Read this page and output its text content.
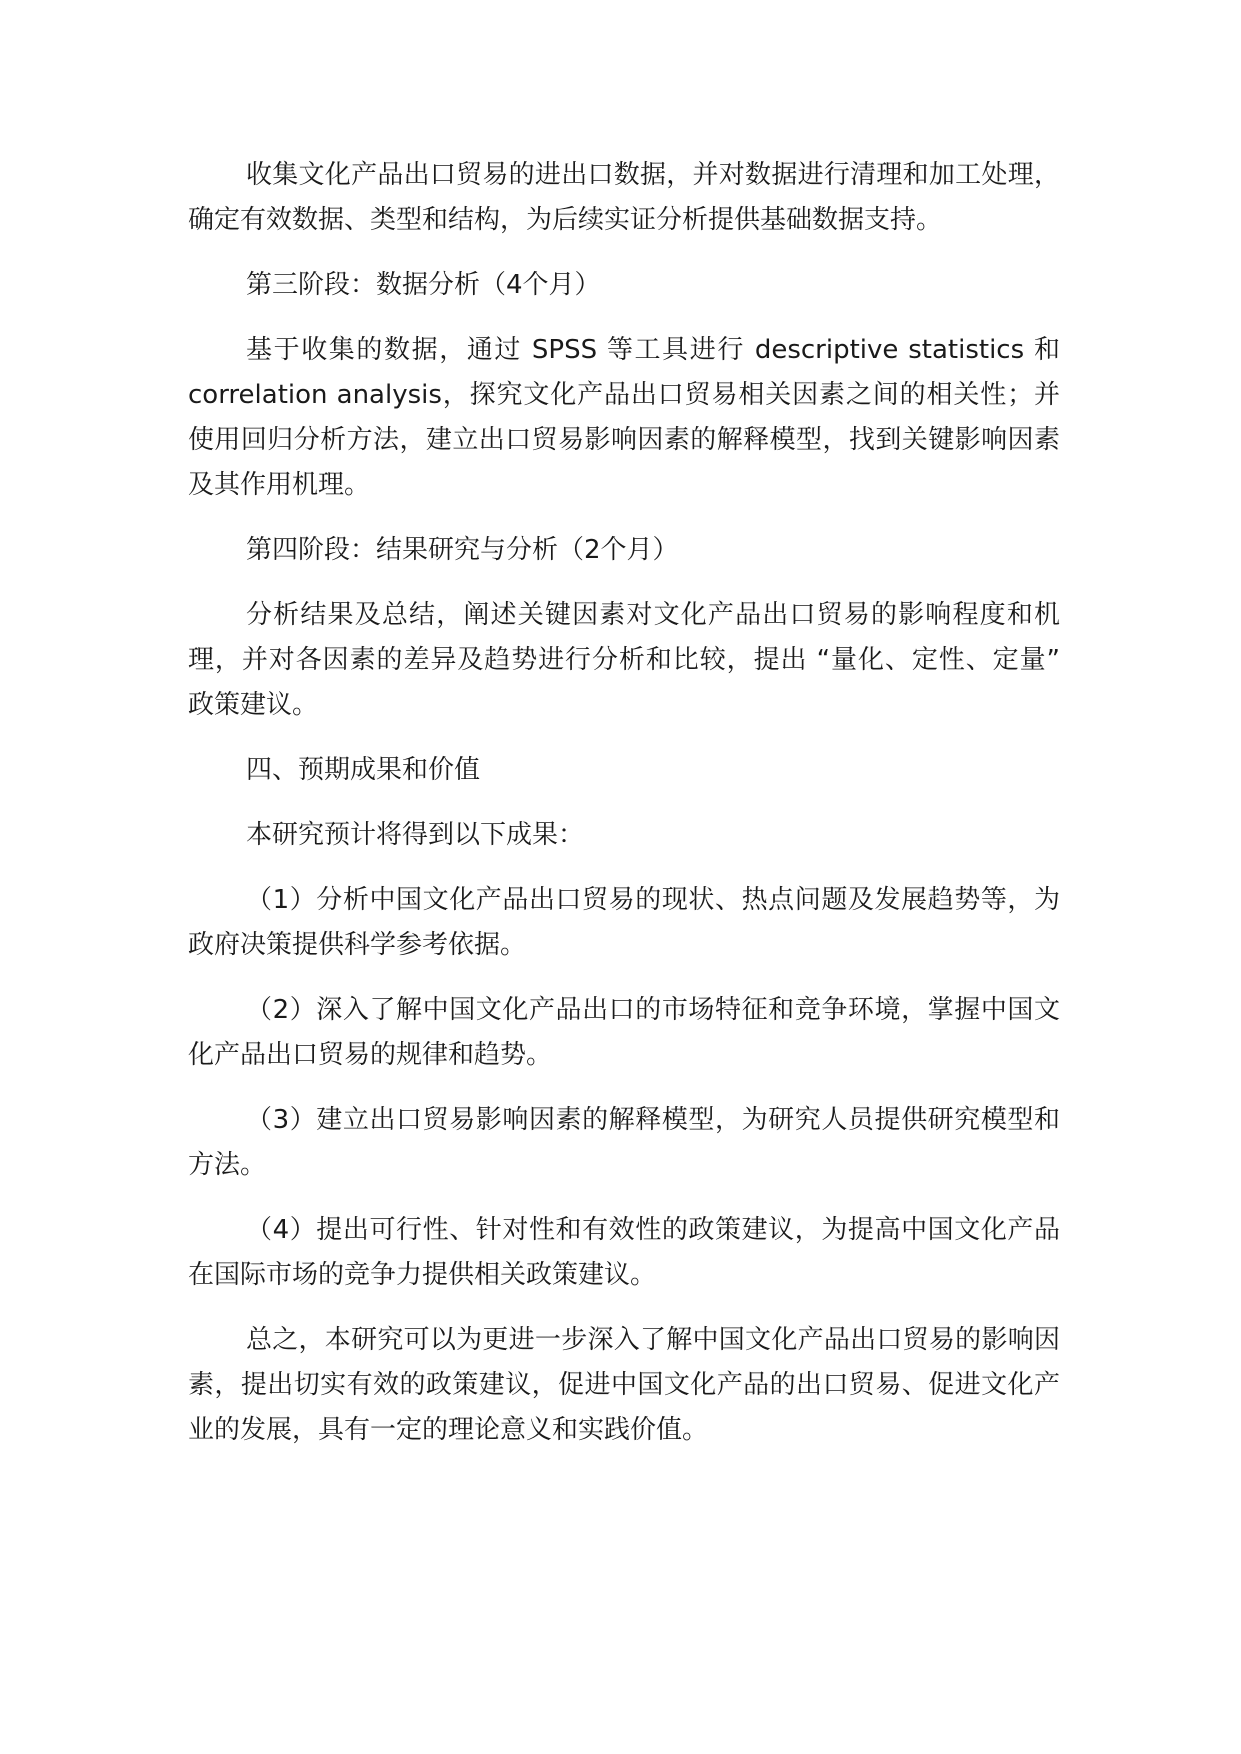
收集文化产品出口贸易的进出口数据，并对数据进行清理和加工处理，确定有效数据、类型和结构，为后续实证分析提供基础数据支持。

第三阶段：数据分析（4个月）

基于收集的数据，通过 SPSS 等工具进行 descriptive statistics 和 correlation analysis，探究文化产品出口贸易相关因素之间的相关性；并使用回归分析方法，建立出口贸易影响因素的解释模型，找到关键影响因素及其作用机理。

第四阶段：结果研究与分析（2个月）

分析结果及总结，阐述关键因素对文化产品出口贸易的影响程度和机理，并对各因素的差异及趋势进行分析和比较，提出 “量化、定性、定量” 政策建议。

四、预期成果和价值

本研究预计将得到以下成果：

（1）分析中国文化产品出口贸易的现状、热点问题及发展趋势等，为政府决策提供科学参考依据。

（2）深入了解中国文化产品出口的市场特征和竞争环境，掌握中国文化产品出口贸易的规律和趋势。

（3）建立出口贸易影响因素的解释模型，为研究人员提供研究模型和方法。

（4）提出可行性、针对性和有效性的政策建议，为提高中国文化产品在国际市场的竞争力提供相关政策建议。

总之，本研究可以为更进一步深入了解中国文化产品出口贸易的影响因素，提出切实有效的政策建议，促进中国文化产品的出口贸易、促进文化产业的发展，具有一定的理论意义和实践价值。
